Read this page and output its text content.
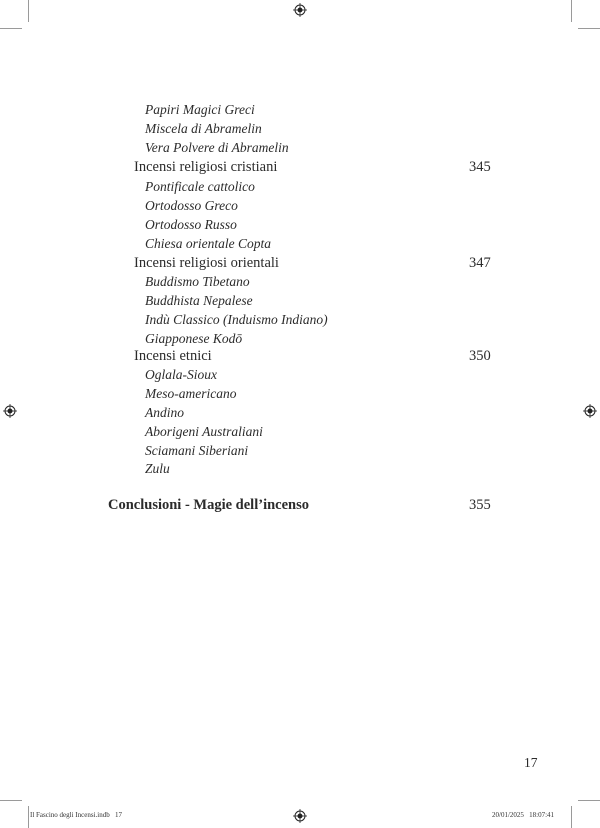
Papiri Magici Greci
Miscela di Abramelin
Vera Polvere di Abramelin
Incensi religiosi cristiani	345
Pontificale cattolico
Ortodosso Greco
Ortodosso Russo
Chiesa orientale Copta
Incensi religiosi orientali	347
Buddismo Tibetano
Buddhista Nepalese
Indù Classico (Induismo Indiano)
Giapponese Kodō
Incensi etnici	350
Oglala-Sioux
Meso-americano
Andino
Aborigeni Australiani
Sciamani Siberiani
Zulu
Conclusioni - Magie dell’incenso	355
17
Il Fascino degli Incensi.indb   17	20/01/2025   18:07:41
